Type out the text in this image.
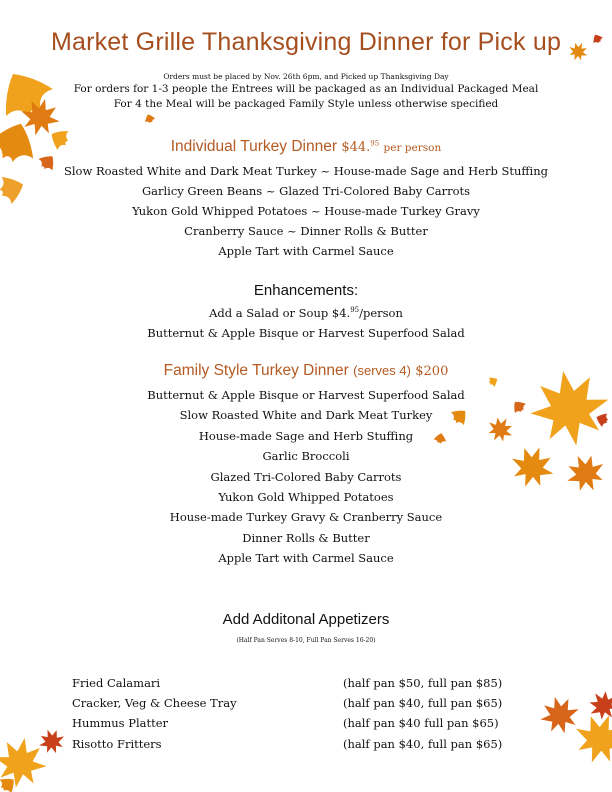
Market Grille Thanksgiving Dinner for Pick up
Orders must be placed by Nov. 26th 6pm, and Picked up Thanksgiving Day
For orders for 1-3 people the Entrees will be packaged as an Individual Packaged Meal
For 4 the Meal will be packaged Family Style unless otherwise specified
Individual Turkey Dinner $44.95 per person
Slow Roasted White and Dark Meat Turkey ~ House-made Sage and Herb Stuffing
Garlicy Green Beans ~ Glazed Tri-Colored Baby Carrots
Yukon Gold Whipped Potatoes ~ House-made Turkey Gravy
Cranberry Sauce ~ Dinner Rolls & Butter
Apple Tart with Carmel Sauce
Enhancements:
Add a Salad or Soup $4.95/person
Butternut & Apple Bisque or Harvest Superfood Salad
Family Style Turkey Dinner (serves 4) $200
Butternut & Apple Bisque or Harvest Superfood Salad
Slow Roasted White and Dark Meat Turkey
House-made Sage and Herb Stuffing
Garlic Broccoli
Glazed Tri-Colored Baby Carrots
Yukon Gold Whipped Potatoes
House-made Turkey Gravy & Cranberry Sauce
Dinner Rolls & Butter
Apple Tart with Carmel Sauce
Add Additonal Appetizers
(Half Pan Serves 8-10, Full Pan Serves 16-20)
Fried Calamari	(half pan $50, full pan $85)
Cracker, Veg & Cheese Tray	(half pan $40, full pan $65)
Hummus Platter	(half pan $40 full pan $65)
Risotto Fritters	(half pan $40, full pan $65)
